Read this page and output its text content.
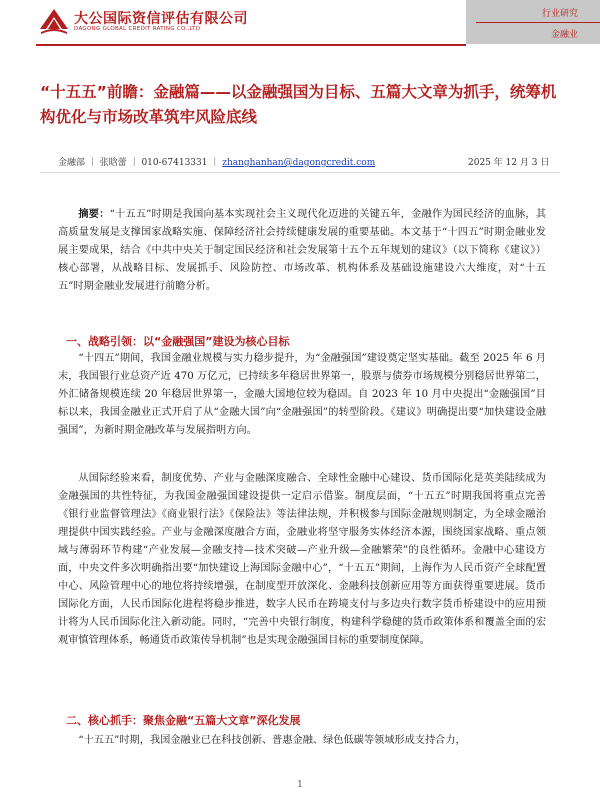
大公国际资信评估有限公司
DAGONG GLOBAL CREDIT RATING CO.,LTD
行业研究
金融业
“十五五”前瞻：金融篇——以金融强国为目标、五篇大文章为抓手，统筹机构优化与市场改革筑牢风险底线
金融部 ｜ 张晗蕾 ｜ 010-67413331 ｜ zhanghanhan@dagongcredit.com	2025 年 12 月 3 日

摘要：“十五五”时期是我国向基本实现社会主义现代化迈进的关键五年，金融作为国民经济的血脉，其高质量发展是支撑国家战略实施、保障经济社会持续健康发展的重要基础。本文基于“十四五”时期金融业发展主要成果，结合《中共中央关于制定国民经济和社会发展第十五个五年规划的建议》（以下简称《建议》）核心部署，从战略目标、发展抓手、风险防控、市场改革、机构体系及基础设施建设六大维度，对“十五五”时期金融业发展进行前瞻分析。

一、战略引领：以“金融强国”建设为核心目标

“十四五”期间，我国金融业规模与实力稳步提升，为“金融强国”建设奠定坚实基础。截至 2025 年 6 月末，我国银行业总资产近 470 万亿元，已持续多年稳居世界第一，股票与债券市场规模分别稳居世界第二，外汇储备规模连续 20 年稳居世界第一，金融大国地位较为稳固。自 2023 年 10 月中央提出“金融强国”目标以来，我国金融业正式开启了从“金融大国”向“金融强国”的转型阶段。《建议》明确提出要“加快建设金融强国”，为新时期金融改革与发展指明方向。

从国际经验来看，制度优势、产业与金融深度融合、全球性金融中心建设、货币国际化是英美陆续成为金融强国的共性特征，为我国金融强国建设提供一定启示借鉴。制度层面，“十五五”时期我国将重点完善《银行业监督管理法》《商业银行法》《保险法》等法律法规，并积极参与国际金融规则制定，为全球金融治理提供中国实践经验。产业与金融深度融合方面，金融业将坚守服务实体经济本源，围绕国家战略、重点领域与薄弱环节构建“产业发展—金融支持—技术突破—产业升级—金融繁荣”的良性循环。金融中心建设方面，中央文件多次明确指出要“加快建设上海国际金融中心”，“十五五”期间，上海作为人民币资产全球配置中心、风险管理中心的地位将持续增强，在制度型开放深化、金融科技创新应用等方面获得重要进展。货币国际化方面，人民币国际化进程将稳步推进，数字人民币在跨境支付与多边央行数字货币桥建设中的应用预计将为人民币国际化注入新动能。同时，“完善中央银行制度，构建科学稳健的货币政策体系和覆盖全面的宏观审慎管理体系，畅通货币政策传导机制”也是实现金融强国目标的重要制度保障。

二、核心抓手：聚焦金融“五篇大文章”深化发展

“十五五”时期，我国金融业已在科技创新、普惠金融、绿色低碳等领域形成支持合力，

1
